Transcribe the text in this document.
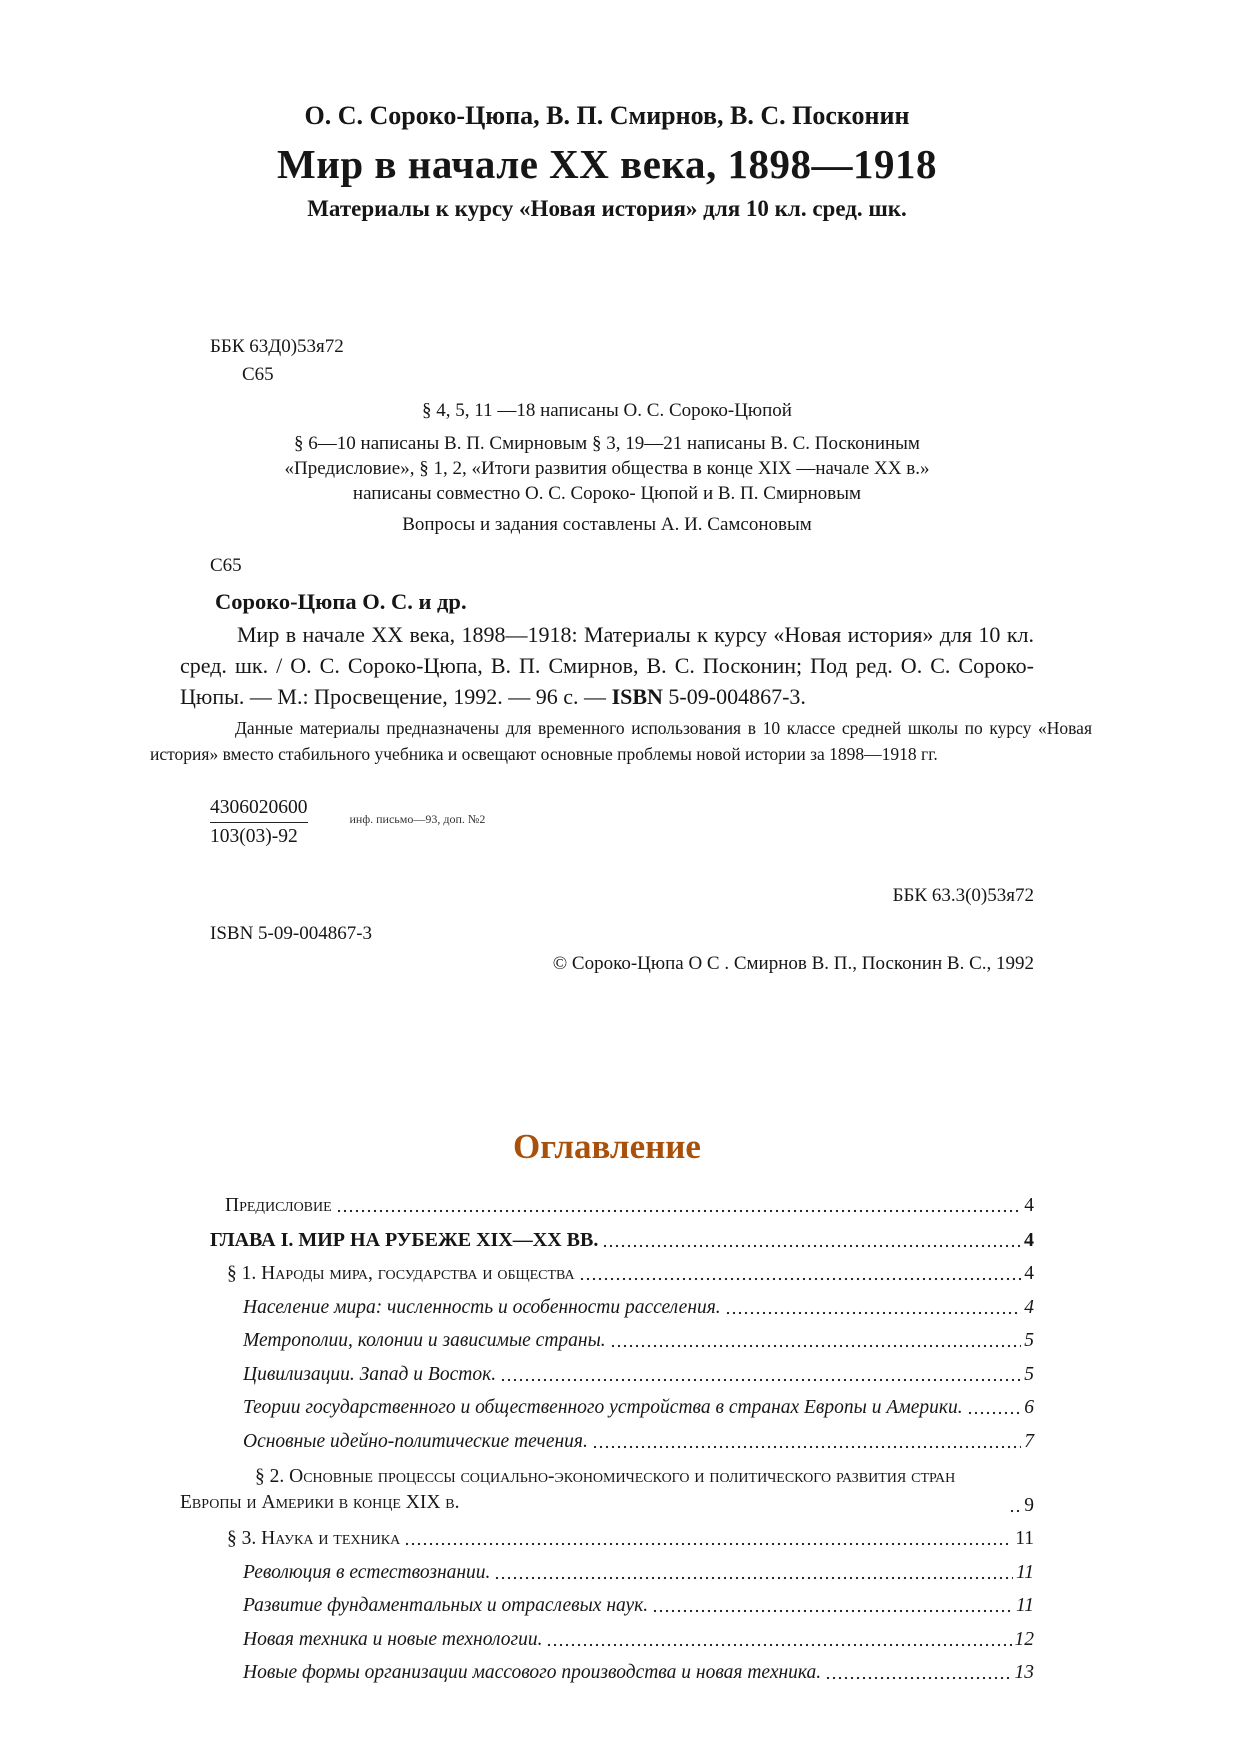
О. С. Сороко-Цюпа, В. П. Смирнов, В. С. Посконин
Мир в начале XX века, 1898—1918
Материалы к курсу «Новая история» для 10 кл. сред. шк.
ББК 63Д0)53я72
С65
§ 4, 5, 11 —18 написаны О. С. Сороко-Цюпой
§ 6—10 написаны В. П. Смирновым § 3, 19—21 написаны В. С. Поскониным
«Предисловие», § 1, 2, «Итоги развития общества в конце XIX —начале XX в.»
написаны совместно О. С. Сороко- Цюпой и В. П. Смирновым
Вопросы и задания составлены А. И. Самсоновым
С65
Сороко-Цюпа О. С. и др.
Мир в начале XX века, 1898—1918: Материалы к курсу «Новая история» для 10 кл. сред. шк. / О. С. Сороко-Цюпа, В. П. Смирнов, В. С. Посконин; Под ред. О. С. Сороко-Цюпы. — М.: Просвещение, 1992. — 96 с. — ISBN 5-09-004867-3.
Данные материалы предназначены для временного использования в 10 классе средней школы по курсу «Новая история» вместо стабильного учебника и освещают основные проблемы новой истории за 1898—1918 гг.
$\frac{4306020600}{103(03)-92}$	инф. письмо—93, доп. №2
ББК 63.3(0)53я72
ISBN 5-09-004867-3
© Сороко-Цюпа О С . Смирнов В. П., Посконин В. С., 1992
Оглавление
Предисловие	4
ГЛАВА I. МИР НА РУБЕЖЕ XIX—XX ВВ.	4
§ 1. Народы мира, государства и общества	4
Население мира: численность и особенности расселения.	4
Метрополии, колонии и зависимые страны.	5
Цивилизации. Запад и Восток.	5
Теории государственного и общественного устройства в странах Европы и Америки.	6
Основные идейно-политические течения.	7
§ 2. Основные процессы социально-экономического и политического развития стран Европы и Америки в конце XIX в.	9
§ 3. Наука и техника	11
Революция в естествознании.	11
Развитие фундаментальных и отраслевых наук.	11
Новая техника и новые технологии.	12
Новые формы организации массового производства и новая техника.	13
